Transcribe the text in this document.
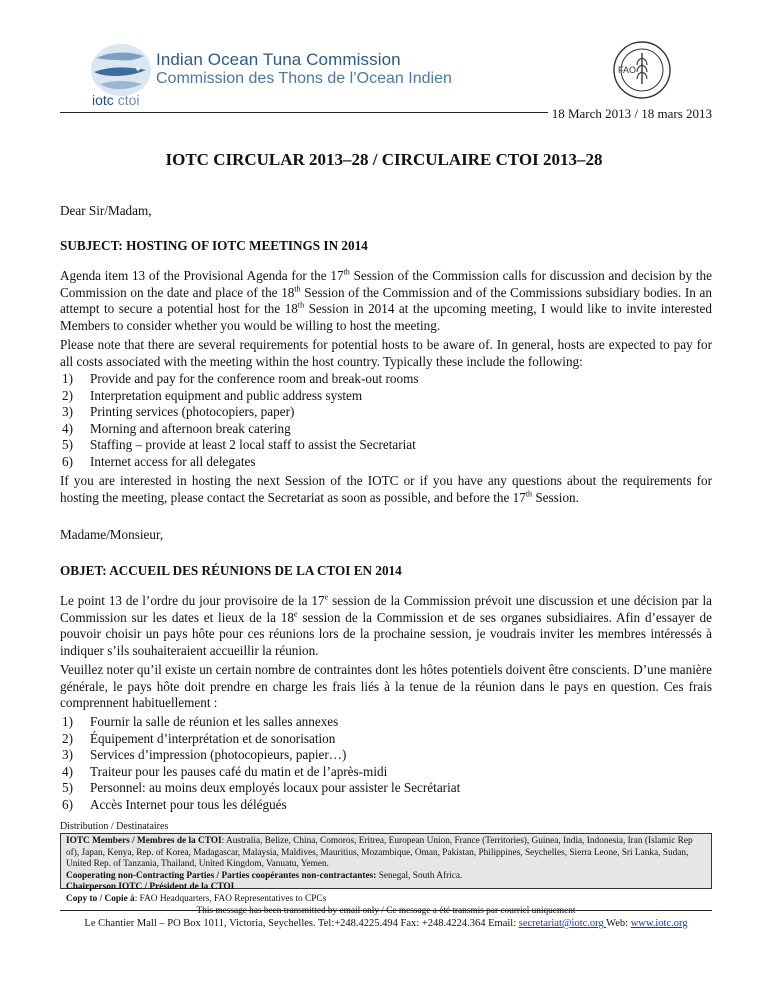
Indian Ocean Tuna Commission
Commission des Thons de l’Ocean Indien
iotc ctoi
FAO
18 March 2013 / 18 mars 2013
IOTC CIRCULAR 2013–28 / CIRCULAIRE CTOI 2013–28
Dear Sir/Madam,
SUBJECT: HOSTING OF IOTC MEETINGS IN 2014
Agenda item 13 of the Provisional Agenda for the 17th Session of the Commission calls for discussion and decision by the Commission on the date and place of the 18th Session of the Commission and of the Commissions subsidiary bodies. In an attempt to secure a potential host for the 18th Session in 2014 at the upcoming meeting, I would like to invite interested Members to consider whether you would be willing to host the meeting.
Please note that there are several requirements for potential hosts to be aware of. In general, hosts are expected to pay for all costs associated with the meeting within the host country. Typically these include the following:
1)	Provide and pay for the conference room and break-out rooms
2)	Interpretation equipment and public address system
3)	Printing services (photocopiers, paper)
4)	Morning and afternoon break catering
5)	Staffing – provide at least 2 local staff to assist the Secretariat
6)	Internet access for all delegates
If you are interested in hosting the next Session of the IOTC or if you have any questions about the requirements for hosting the meeting, please contact the Secretariat as soon as possible, and before the 17th Session.
Madame/Monsieur,
OBJET: ACCUEIL DES RÉUNIONS DE LA CTOI EN 2014
Le point 13 de l’ordre du jour provisoire de la 17e session de la Commission prévoit une discussion et une décision par la Commission sur les dates et lieux de la 18e session de la Commission et de ses organes subsidiaires. Afin d’essayer de pouvoir choisir un pays hôte pour ces réunions lors de la prochaine session, je voudrais inviter les membres intéressés à indiquer s’ils souhaiteraient accueillir la réunion.
Veuillez noter qu’il existe un certain nombre de contraintes dont les hôtes potentiels doivent être conscients. D’une manière générale, le pays hôte doit prendre en charge les frais liés à la tenue de la réunion dans le pays en question. Ces frais comprennent habituellement :
1)	Fournir la salle de réunion et les salles annexes
2)	Équipement d’interprétation et de sonorisation
3)	Services d’impression (photocopieurs, papier…)
4)	Traiteur pour les pauses café du matin et de l’après-midi
5)	Personnel: au moins deux employés locaux pour assister le Secrétariat
6)	Accès Internet pour tous les délégués
Distribution / Destinataires
IOTC Members / Membres de la CTOI: Australia, Belize, China, Comoros, Eritrea, European Union, France (Territories), Guinea, India, Indonesia, Iran (Islamic Rep of), Japan, Kenya, Rep. of Korea, Madagascar, Malaysia, Maldives, Mauritius, Mozambique, Oman, Pakistan, Philippines, Seychelles, Sierra Leone, Sri Lanka, Sudan, United Rep. of Tanzania, Thailand, United Kingdom, Vanuatu, Yemen.
Cooperating non-Contracting Parties / Parties coopérantes non-contractantes: Senegal, South Africa.
Chairperson IOTC / Président de la CTOI
Copy to / Copie à: FAO Headquarters, FAO Representatives to CPCs
This message has been transmitted by email only / Ce message a été transmis par courriel uniquement
Le Chantier Mall – PO Box 1011, Victoria, Seychelles. Tel:+248.4225.494 Fax: +248.4224.364 Email: secretariat@iotc.org Web: www.iotc.org
